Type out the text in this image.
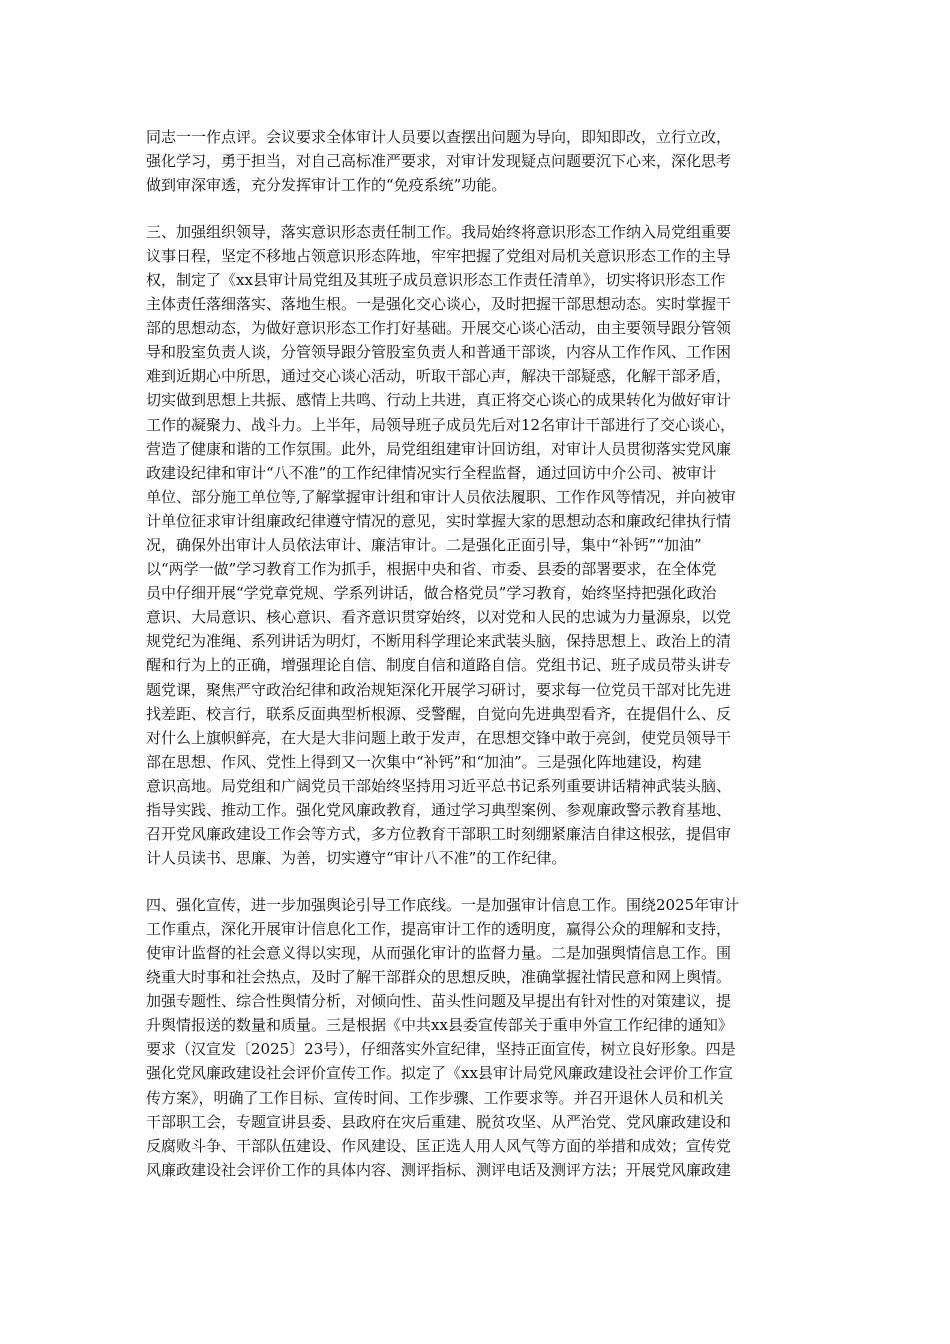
同志一一作点评。会议要求全体审计人员要以查摆出问题为导向，即知即改，立行立改，
强化学习，勇于担当，对自己高标准严要求，对审计发现疑点问题要沉下心来，深化思考
做到审深审透，充分发挥审计工作的“免疫系统”功能。

三、加强组织领导，落实意识形态责任制工作。我局始终将意识形态工作纳入局党组重要
议事日程，坚定不移地占领意识形态阵地，牢牢把握了党组对局机关意识形态工作的主导
权，制定了《xx县审计局党组及其班子成员意识形态工作责任清单》，切实将识形态工作
主体责任落细落实、落地生根。一是强化交心谈心，及时把握干部思想动态。实时掌握干
部的思想动态，为做好意识形态工作打好基础。开展交心谈心活动，由主要领导跟分管领
导和股室负责人谈，分管领导跟分管股室负责人和普通干部谈，内容从工作作风、工作困
难到近期心中所思，通过交心谈心活动，听取干部心声，解决干部疑惑，化解干部矛盾，
切实做到思想上共振、感情上共鸣、行动上共进，真正将交心谈心的成果转化为做好审计
工作的凝聚力、战斗力。上半年，局领导班子成员先后对12名审计干部进行了交心谈心，
营造了健康和谐的工作氛围。此外，局党组组建审计回访组，对审计人员贯彻落实党风廉
政建设纪律和审计“八不准”的工作纪律情况实行全程监督，通过回访中介公司、被审计
单位、部分施工单位等,了解掌握审计组和审计人员依法履职、工作作风等情况，并向被审
计单位征求审计组廉政纪律遵守情况的意见，实时掌握大家的思想动态和廉政纪律执行情
况，确保外出审计人员依法审计、廉洁审计。二是强化正面引导，集中“补钙”“加油”
以“两学一做”学习教育工作为抓手，根据中央和省、市委、县委的部署要求，在全体党
员中仔细开展“学党章党规、学系列讲话，做合格党员”学习教育，始终坚持把强化政治
意识、大局意识、核心意识、看齐意识贯穿始终，以对党和人民的忠诚为力量源泉，以党
规党纪为准绳、系列讲话为明灯，不断用科学理论来武装头脑，保持思想上、政治上的清
醒和行为上的正确，增强理论自信、制度自信和道路自信。党组书记、班子成员带头讲专
题党课，聚焦严守政治纪律和政治规矩深化开展学习研讨，要求每一位党员干部对比先进
找差距、校言行，联系反面典型析根源、受警醒，自觉向先进典型看齐，在提倡什么、反
对什么上旗帜鲜亮，在大是大非问题上敢于发声，在思想交锋中敢于亮剑，使党员领导干
部在思想、作风、党性上得到又一次集中“补钙”和“加油”。三是强化阵地建设，构建
意识高地。局党组和广阔党员干部始终坚持用习近平总书记系列重要讲话精神武装头脑、
指导实践、推动工作。强化党风廉政教育，通过学习典型案例、参观廉政警示教育基地、
召开党风廉政建设工作会等方式，多方位教育干部职工时刻绷紧廉洁自律这根弦，提倡审
计人员读书、思廉、为善，切实遵守“审计八不准”的工作纪律。

四、强化宣传，进一步加强舆论引导工作底线。一是加强审计信息工作。围绕2025年审计
工作重点，深化开展审计信息化工作，提高审计工作的透明度，赢得公众的理解和支持，
使审计监督的社会意义得以实现，从而强化审计的监督力量。二是加强舆情信息工作。围
绕重大时事和社会热点，及时了解干部群众的思想反映，准确掌握社情民意和网上舆情。
加强专题性、综合性舆情分析，对倾向性、苗头性问题及早提出有针对性的对策建议，提
升舆情报送的数量和质量。三是根据《中共xx县委宣传部关于重申外宣工作纪律的通知》
要求（汉宣发〔2025〕23号），仔细落实外宣纪律，坚持正面宣传，树立良好形象。四是
强化党风廉政建设社会评价宣传工作。拟定了《xx县审计局党风廉政建设社会评价工作宣
传方案》，明确了工作目标、宣传时间、工作步骤、工作要求等。并召开退休人员和机关
干部职工会，专题宣讲县委、县政府在灾后重建、脱贫攻坚、从严治党、党风廉政建设和
反腐败斗争、干部队伍建设、作风建设、匡正选人用人风气等方面的举措和成效；宣传党
风廉政建设社会评价工作的具体内容、测评指标、测评电话及测评方法；开展党风廉政建
